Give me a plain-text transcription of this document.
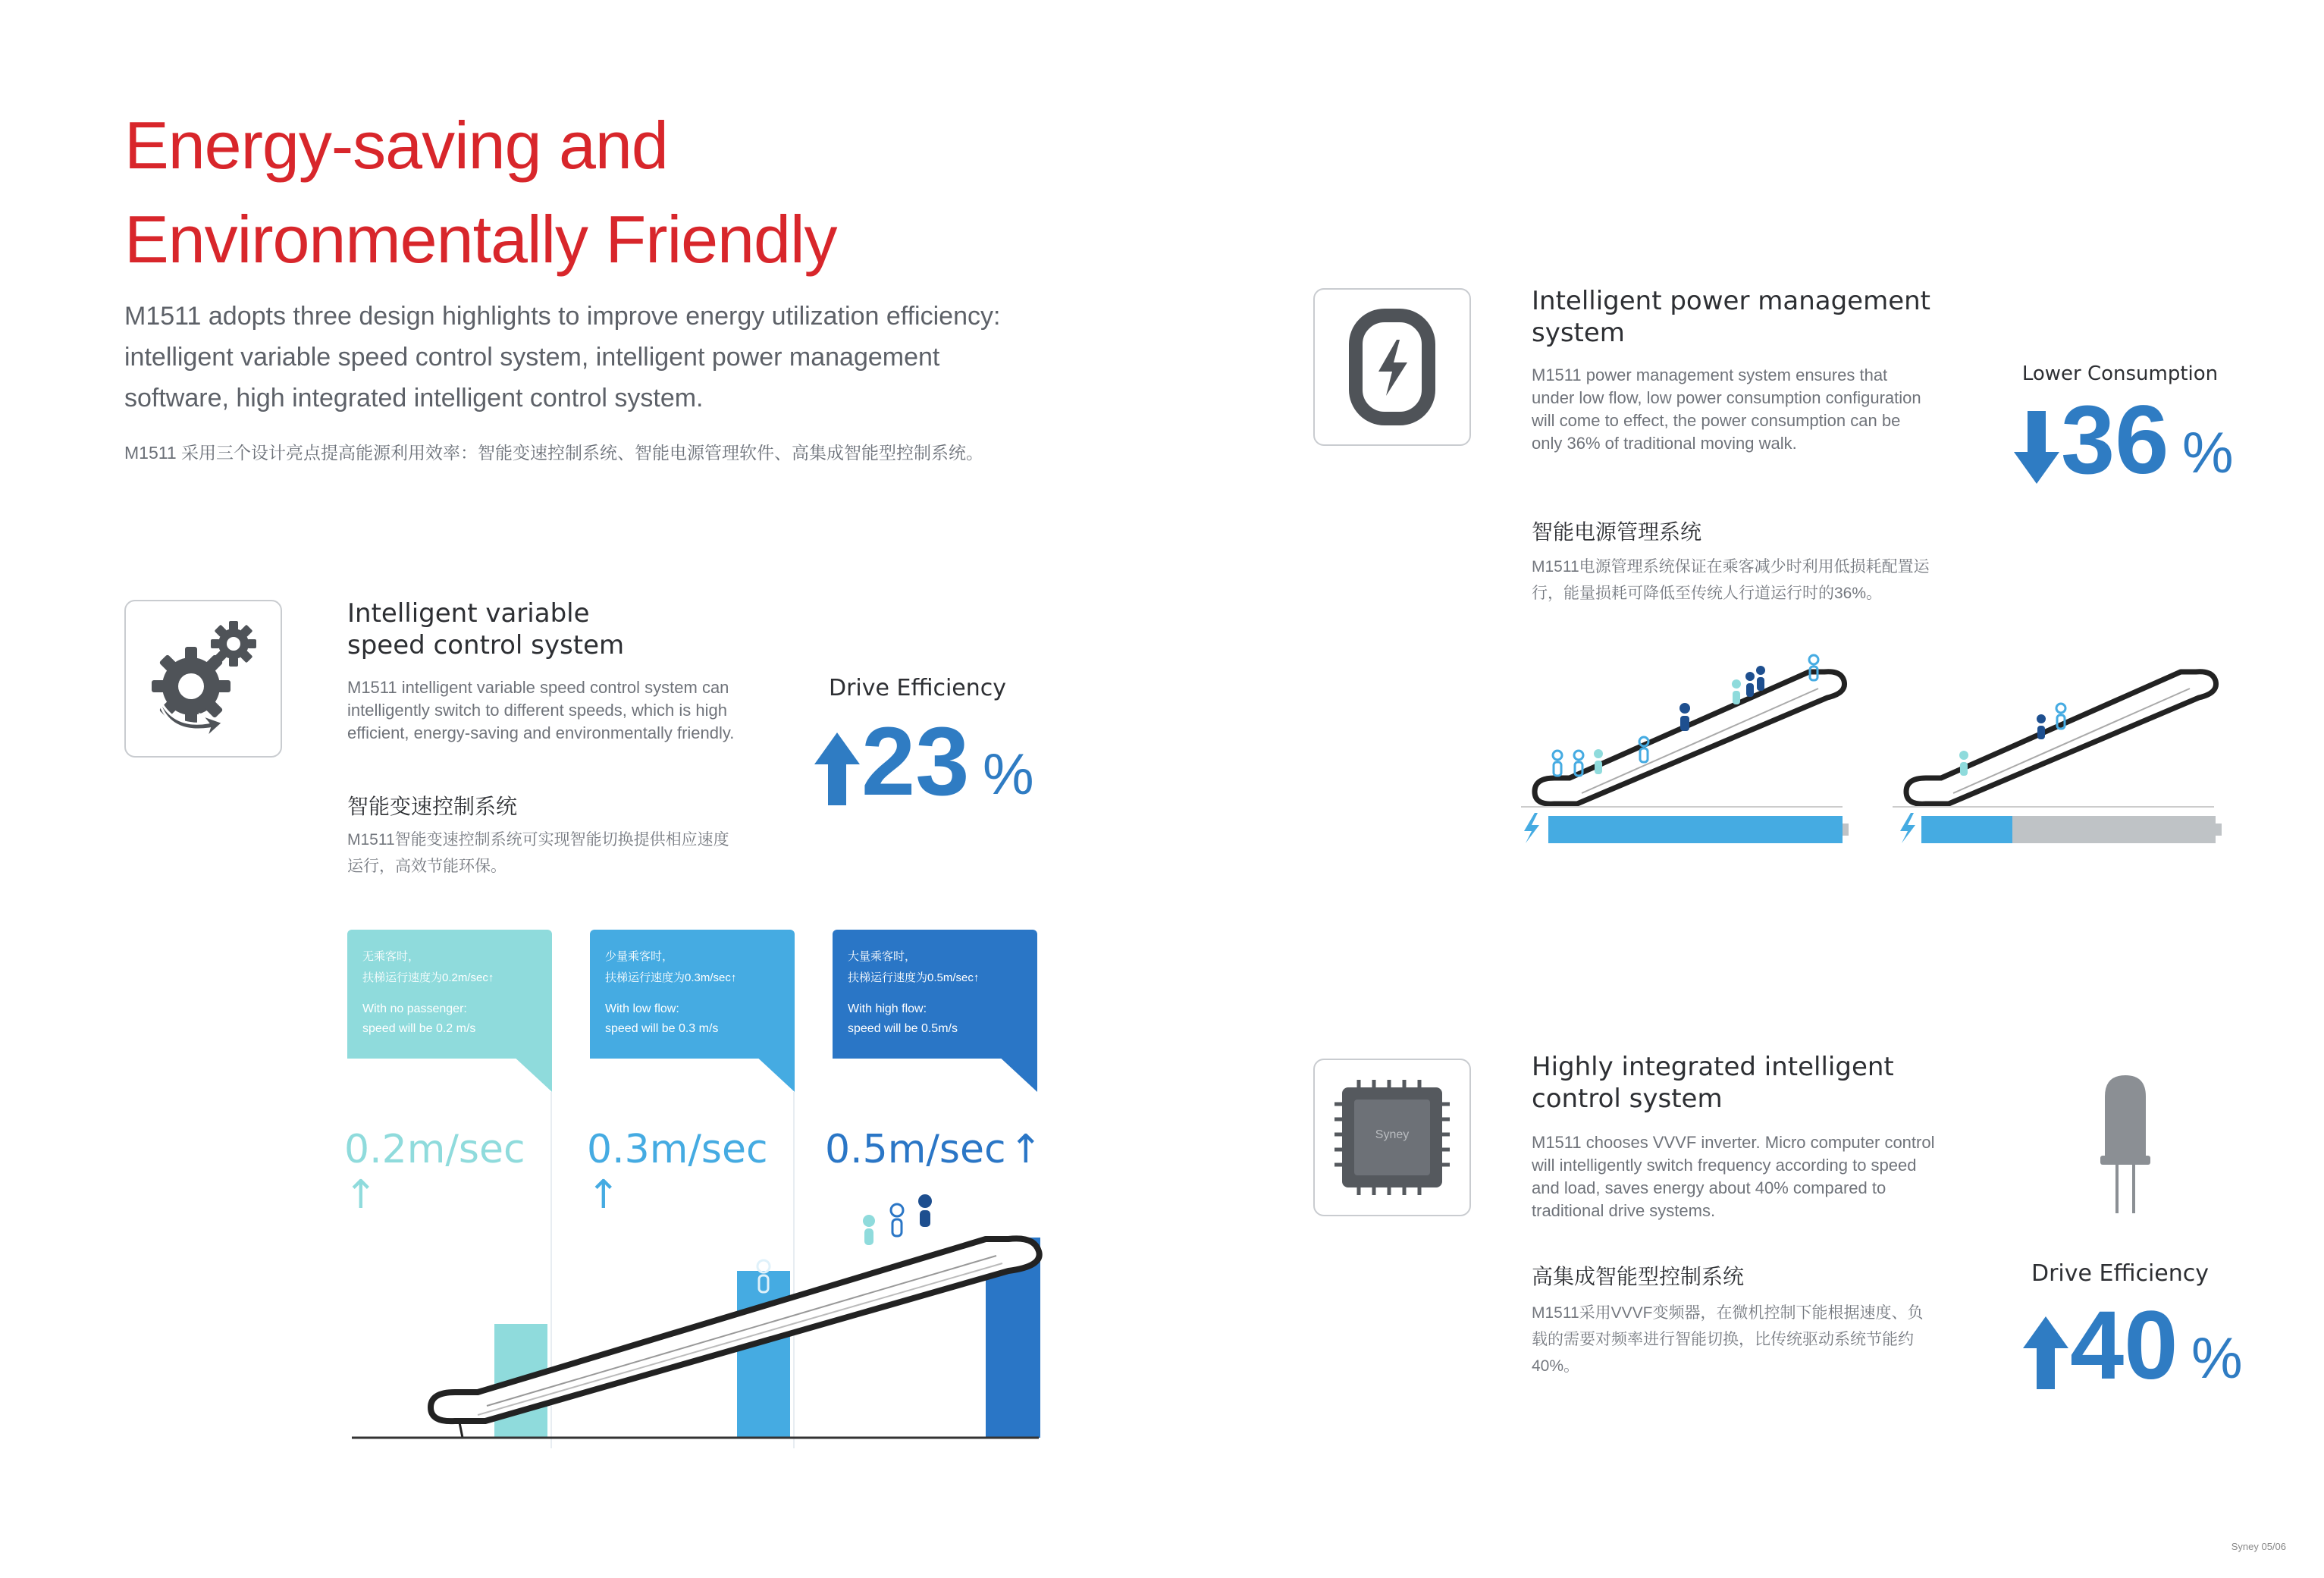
Energy-saving and
Environmentally Friendly
M1511 adopts three design highlights to improve energy utilization efficiency: intelligent variable speed control system, intelligent power management software, high integrated intelligent control system.
M1511 采用三个设计亮点提高能源利用效率：智能变速控制系统、智能电源管理软件、高集成智能型控制系统。
Intelligent variable speed control system
M1511 intelligent variable speed control system can intelligently switch to different speeds, which is high efficient, energy-saving and environmentally friendly.
智能变速控制系统
M1511智能变速控制系统可实现智能切换提供相应速度运行，高效节能环保。
Drive Efficiency
23 %
无乘客时，
扶梯运行速度为0.2m/sec↑
With no passenger:
speed will be 0.2 m/s
少量乘客时，
扶梯运行速度为0.3m/sec↑
With low flow:
speed will be 0.3 m/s
大量乘客时，
扶梯运行速度为0.5m/sec↑
With high flow:
speed will be 0.5m/s
0.2m/sec ↑
0.3m/sec ↑
0.5m/sec ↑
Intelligent power management system
M1511 power management system ensures that under low flow, low power consumption configuration will come to effect, the power consumption can be only 36% of traditional moving walk.
智能电源管理系统
M1511电源管理系统保证在乘客减少时利用低损耗配置运行，能量损耗可降低至传统人行道运行时的36%。
Lower Consumption
36 %
Syney
Highly integrated intelligent control system
M1511 chooses VVVF inverter. Micro computer control will intelligently switch frequency according to speed and load, saves energy about 40% compared to traditional drive systems.
高集成智能型控制系统
M1511采用VVVF变频器，在微机控制下能根据速度、负载的需要对频率进行智能切换，比传统驱动系统节能约40%。
Drive Efficiency
40 %
Syney 05/06
